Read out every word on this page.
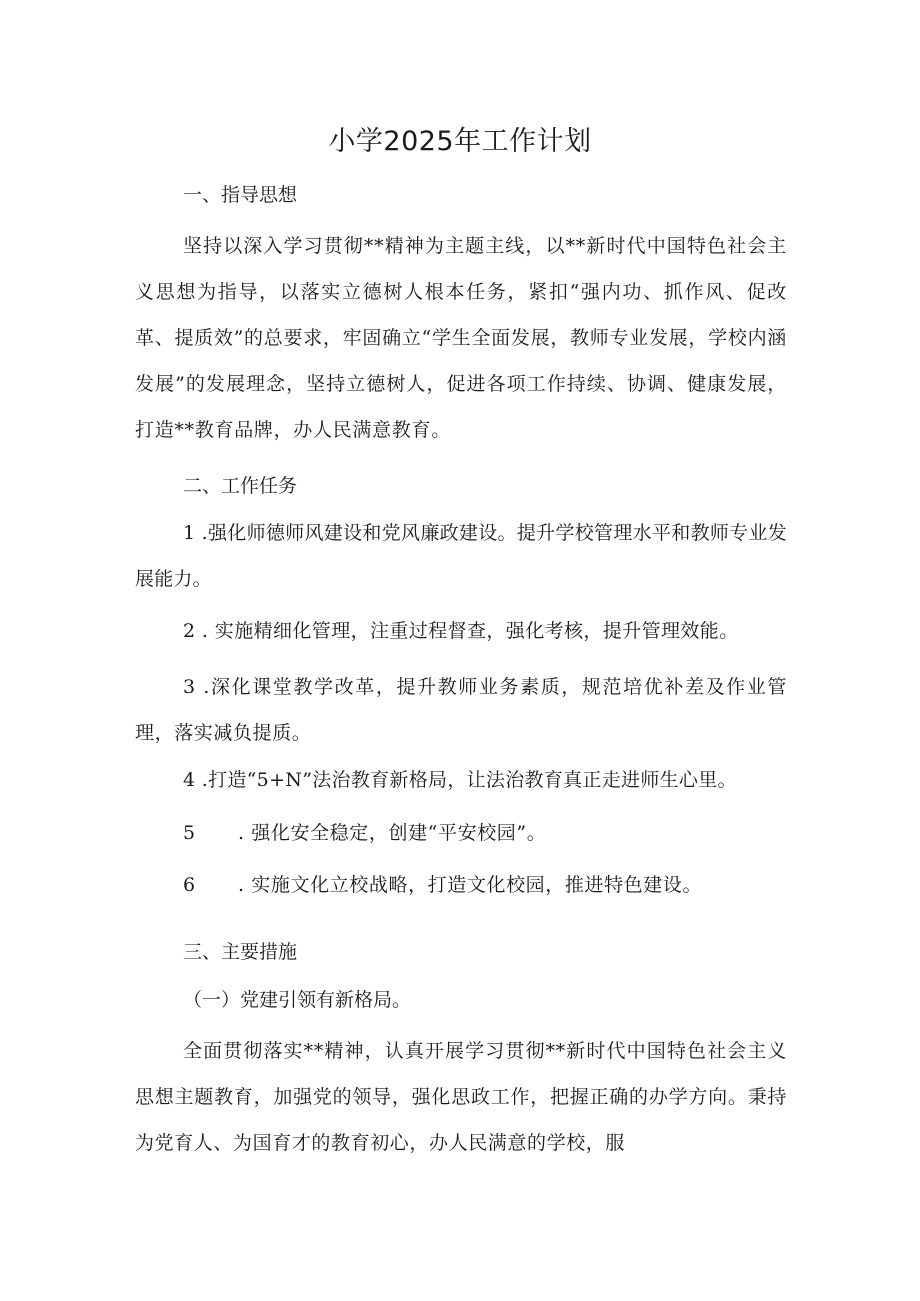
小学2025年工作计划

一、指导思想

坚持以深入学习贯彻**精神为主题主线，以**新时代中国特色社会主义思想为指导，以落实立德树人根本任务，紧扣“强内功、抓作风、促改革、提质效”的总要求，牢固确立“学生全面发展，教师专业发展，学校内涵发展”的发展理念，坚持立德树人，促进各项工作持续、协调、健康发展，打造**教育品牌，办人民满意教育。

二、工作任务

1 .强化师德师风建设和党风廉政建设。提升学校管理水平和教师专业发展能力。

2 . 实施精细化管理，注重过程督查，强化考核，提升管理效能。

3 .深化课堂教学改革，提升教师业务素质，规范培优补差及作业管理，落实减负提质。

4 .打造“5+N”法治教育新格局，让法治教育真正走进师生心里。

5 . 强化安全稳定，创建“平安校园”。

6 . 实施文化立校战略，打造文化校园，推进特色建设。

三、主要措施

（一）党建引领有新格局。

全面贯彻落实**精神，认真开展学习贯彻**新时代中国特色社会主义思想主题教育，加强党的领导，强化思政工作，把握正确的办学方向。秉持为党育人、为国育才的教育初心，办人民满意的学校，服
